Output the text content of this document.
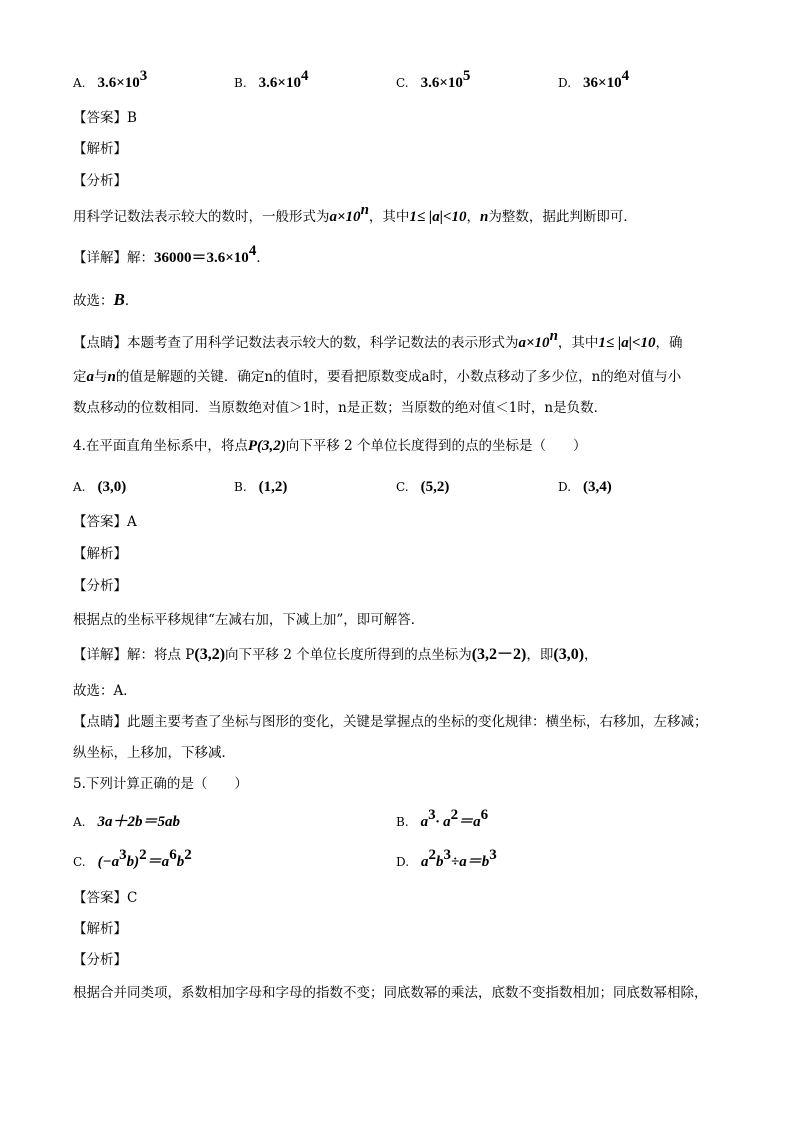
A. $3.6\times 10^3$	B. $3.6\times 10^4$	C. $3.6\times 10^5$	D. $36\times 10^4$
【答案】B
【解析】
【分析】
用科学记数法表示较大的数时，一般形式为$a\times 10^n$，其中1≤ |a|<10，n为整数，据此判断即可．
【详解】解：$36000=3.6\times 10^4$．
故选：B．
【点睛】本题考查了用科学记数法表示较大的数，科学记数法的表示形式为$a\times 10^n$，其中1≤ |a|<10，确
定a与n的值是解题的关键．确定n的值时，要看把原数变成a时，小数点移动了多少位，n的绝对值与小
数点移动的位数相同．当原数绝对值＞1时，n是正数；当原数的绝对值＜1时，n是负数．
4.在平面直角坐标系中，将点P(3,2)向下平移 2 个单位长度得到的点的坐标是（　　）
A. (3,0)	B. (1,2)	C. (5,2)	D. (3,4)
【答案】A
【解析】
【分析】
根据点的坐标平移规律“左减右加，下减上加”，即可解答．
【详解】解：将点 P(3,2)向下平移 2 个单位长度所得到的点坐标为(3,2－2)，即(3,0)，
故选：A．
【点睛】此题主要考查了坐标与图形的变化，关键是掌握点的坐标的变化规律：横坐标，右移加，左移减；
纵坐标，上移加，下移减．
5.下列计算正确的是（　　）
A. 3a＋2b＝5ab	B. $a^3\cdot a^2=a^6$
C. $(-a^3b)^2=a^6b^2$	D. $a^2b^3\div a=b^3$
【答案】C
【解析】
【分析】
根据合并同类项，系数相加字母和字母的指数不变；同底数幂的乘法，底数不变指数相加；同底数幂相除，
